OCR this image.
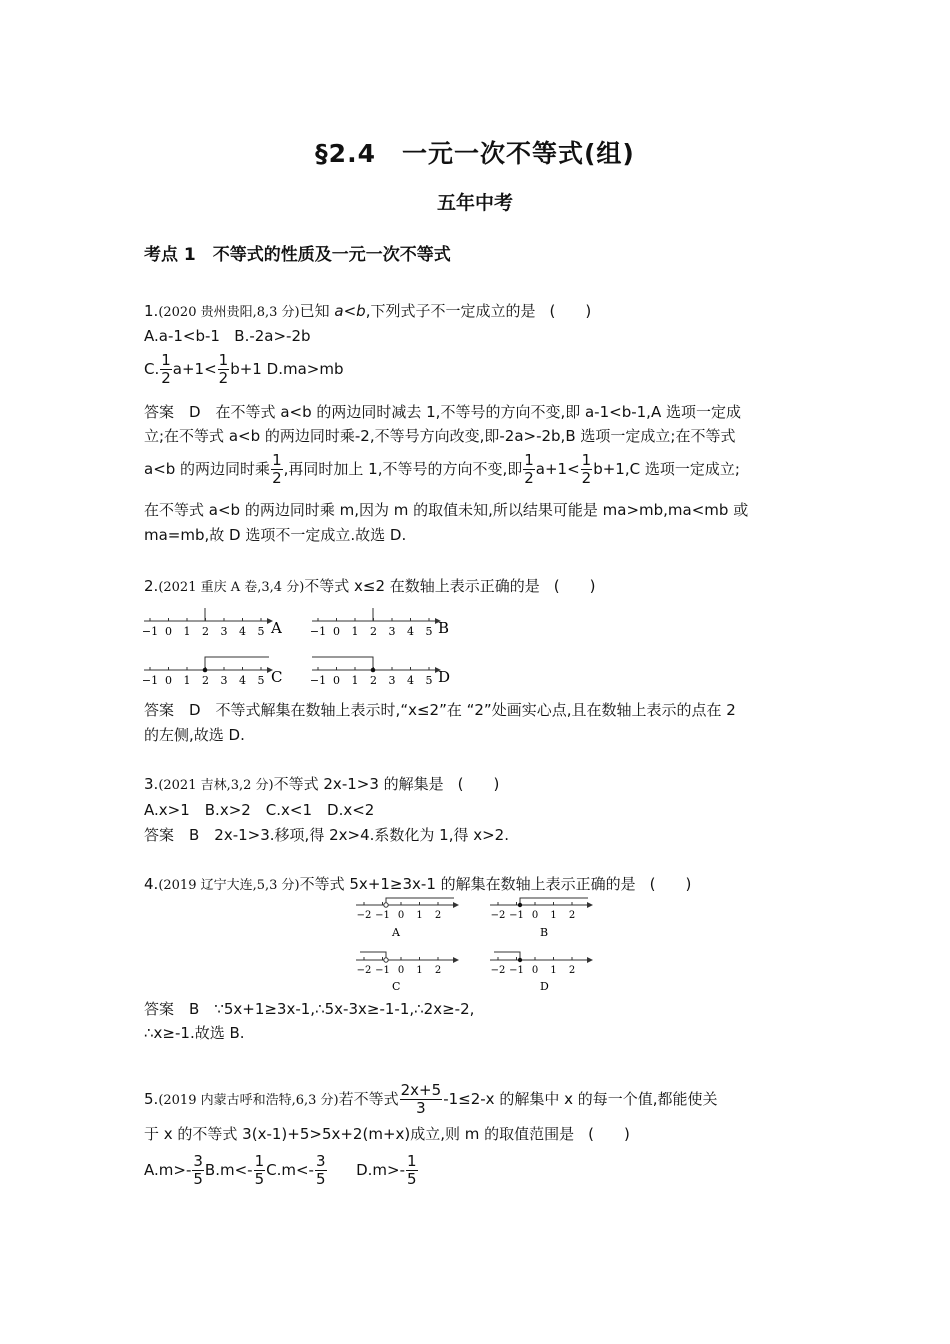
§2.4　一元一次不等式(组)
五年中考
考点 1　不等式的性质及一元一次不等式
1.(2020 贵州贵阳,8,3 分)已知 a<b,下列式子不一定成立的是 (　　)
A.a-1<b-1 B.-2a>-2b
C. $\frac{1}{2} a+1< \frac{1}{2} b+1$ D.ma>mb
答案　D　在不等式 a<b 的两边同时减去 1,不等号的方向不变,即 a-1<b-1,A 选项一定成
立;在不等式 a<b 的两边同时乘-2,不等号方向改变,即-2a>-2b,B 选项一定成立;在不等式
a<b 的两边同时乘 $\frac{1}{2}$ ,再同时加上 1,不等号的方向不变,即 $\frac{1}{2} a+1< \frac{1}{2} b+1,C$ 选项一定成立;
在不等式 a<b 的两边同时乘 m,因为 m 的取值未知,所以结果可能是 ma>mb,ma<mb 或
ma=mb,故 D 选项不一定成立.故选 D.
2.(2021 重庆 A 卷,3,4 分)不等式 x≤2 在数轴上表示正确的是 (　　)
−1 0 1 2 3 4 5 A	−1 0 1 2 3 4 5 B
−1 0 1 2 3 4 5 C −1 0 1 2 3 4 5 D
答案　D　不等式解集在数轴上表示时,“x≤2”在 “2”处画实心点,且在数轴上表示的点在 2
的左侧,故选 D.
3.(2021 吉林,3,2 分)不等式 2x-1>3 的解集是 (　　)
A.x>1　B.x>2　C.x<1　D.x<2
答案　B　2x-1>3.移项,得 2x>4.系数化为 1,得 x>2.
4.(2019 辽宁大连,5,3 分)不等式 5x+1≥3x-1 的解集在数轴上表示正确的是 (　　)
−2 −1 0 1 2
A
−2 −1 0 1 2
B
−2 −1 0 1 2
C
−2 −1 0 1 2
D
答案　B　∵5x+1≥3x-1,∴5x-3x≥-1-1,∴2x≥-2,
∴x≥-1.故选 B.
5.(2019 内蒙古呼和浩特,6,3 分)若不等式 $\frac{2x+5}{3} -1\le 2-x$ 的解集中 x 的每一个值,都能使关
于 x 的不等式 3(x-1)+5>5x+2(m+x)成立,则 m 的取值范围是 (　　)
$A.m>- \frac{3}{5} B.m<- \frac{1}{5} C.m<- \frac{3}{5} D.m>- \frac{1}{5}$
